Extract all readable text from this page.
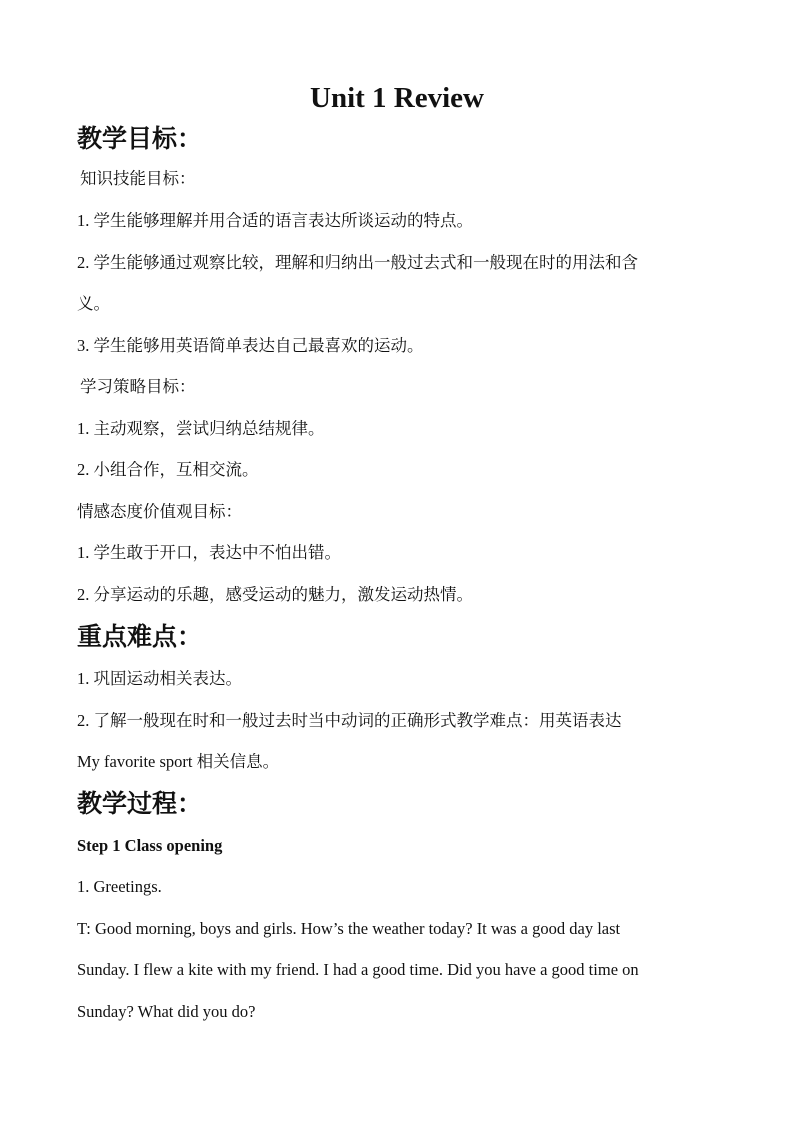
Unit 1 Review
教学目标：

知识技能目标：

1. 学生能够理解并用合适的语言表达所谈运动的特点。

2. 学生能够通过观察比较，理解和归纳出一般过去式和一般现在时的用法和含

义。

3. 学生能够用英语简单表达自己最喜欢的运动。

学习策略目标：

1. 主动观察，尝试归纳总结规律。

2. 小组合作，互相交流。

情感态度价值观目标：

1. 学生敢于开口，表达中不怕出错。

2. 分享运动的乐趣，感受运动的魅力，激发运动热情。

重点难点：

1. 巩固运动相关表达。

2. 了解一般现在时和一般过去时当中动词的正确形式教学难点：用英语表达

My favorite sport 相关信息。

教学过程：

Step 1 Class opening

1. Greetings.

T: Good morning, boys and girls. How’s the weather today? It was a good day last

Sunday. I flew a kite with my friend. I had a good time. Did you have a good time on

Sunday? What did you do?
